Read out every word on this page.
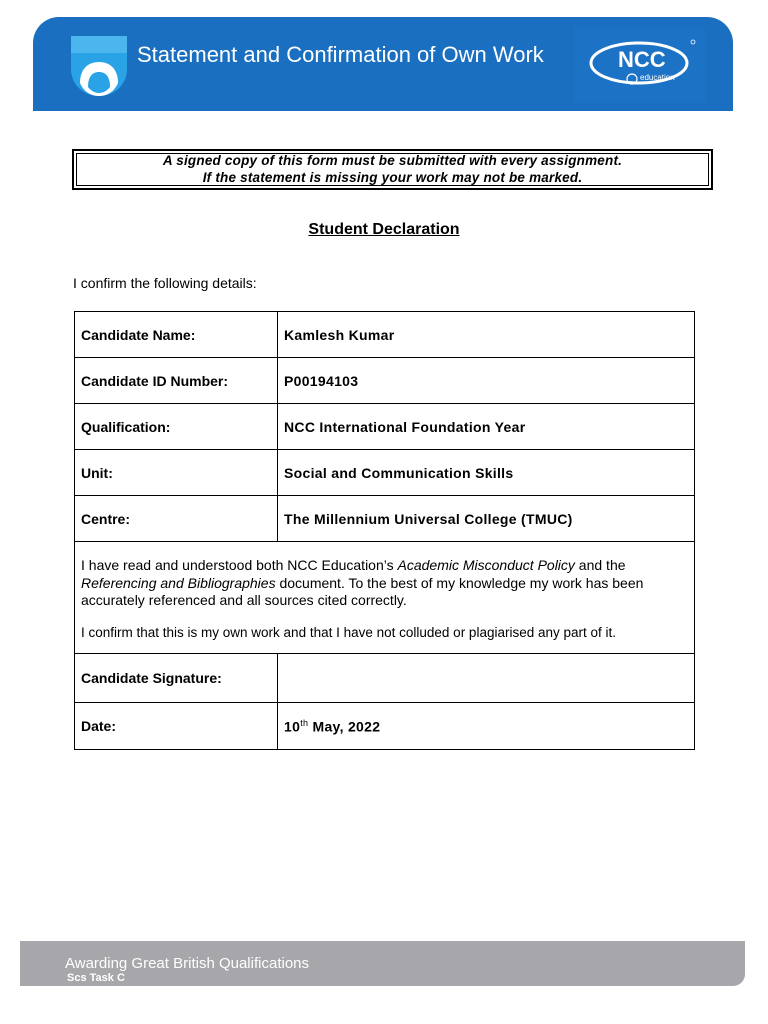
Statement and Confirmation of Own Work	NCC
education
A signed copy of this form must be submitted with every assignment.
If the statement is missing your work may not be marked.
Student Declaration
I confirm the following details:
Candidate Name:	Kamlesh Kumar
Candidate ID Number:	P00194103
Qualification:	NCC International Foundation Year
Unit:	Social and Communication Skills
Centre:	The Millennium Universal College (TMUC)

I have read and understood both NCC Education’s Academic Misconduct Policy and the Referencing and Bibliographies document. To the best of my knowledge my work has been accurately referenced and all sources cited correctly.

I confirm that this is my own work and that I have not colluded or plagiarised any part of it.	

Candidate Signature:	
Date:	10th May, 2022
Awarding Great British Qualifications
Scs Task C
